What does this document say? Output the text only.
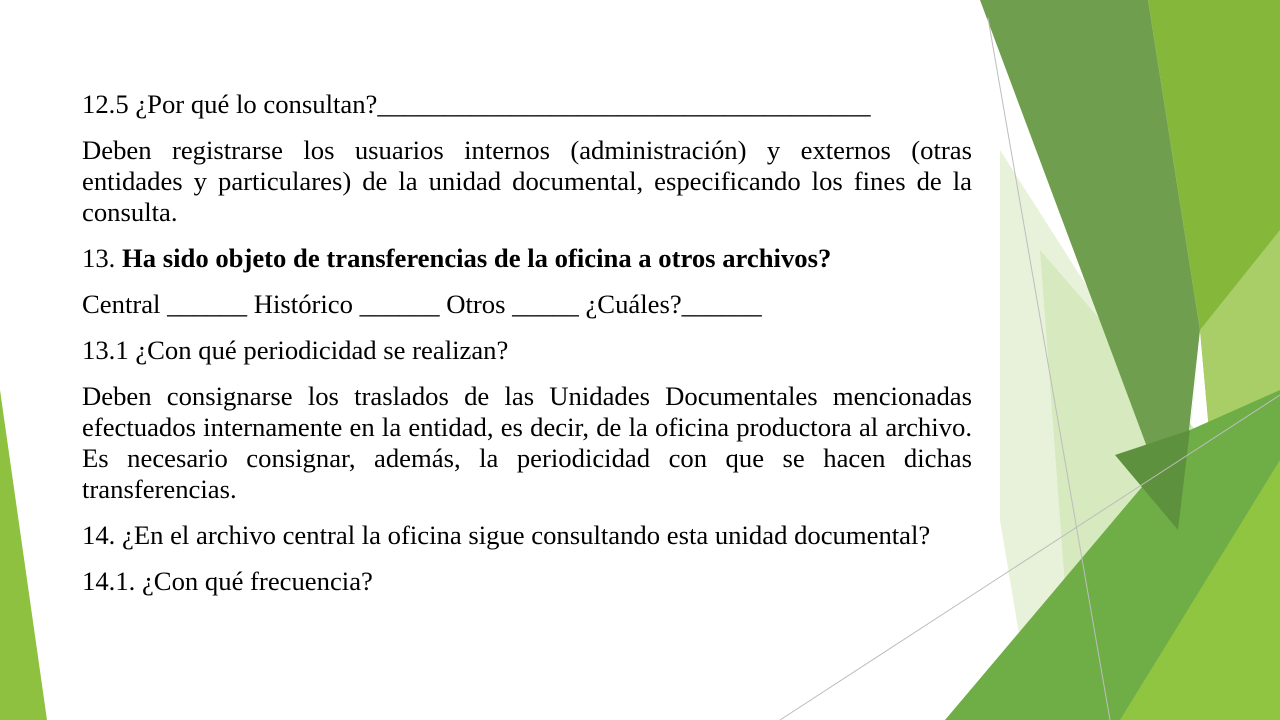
12.5 ¿Por qué lo consultan?_____________________________________
Deben registrarse los usuarios internos (administración) y externos (otras
entidades y particulares) de la unidad documental, especificando los fines de la
consulta.
13. Ha sido objeto de transferencias de la oficina a otros archivos?
Central ______ Histórico ______ Otros _____ ¿Cuáles?______
13.1 ¿Con qué periodicidad se realizan?
Deben consignarse los traslados de las Unidades Documentales mencionadas
efectuados internamente en la entidad, es decir, de la oficina productora al archivo.
Es necesario consignar, además, la periodicidad con que se hacen dichas
transferencias.
14. ¿En el archivo central la oficina sigue consultando esta unidad documental?
14.1. ¿Con qué frecuencia?
